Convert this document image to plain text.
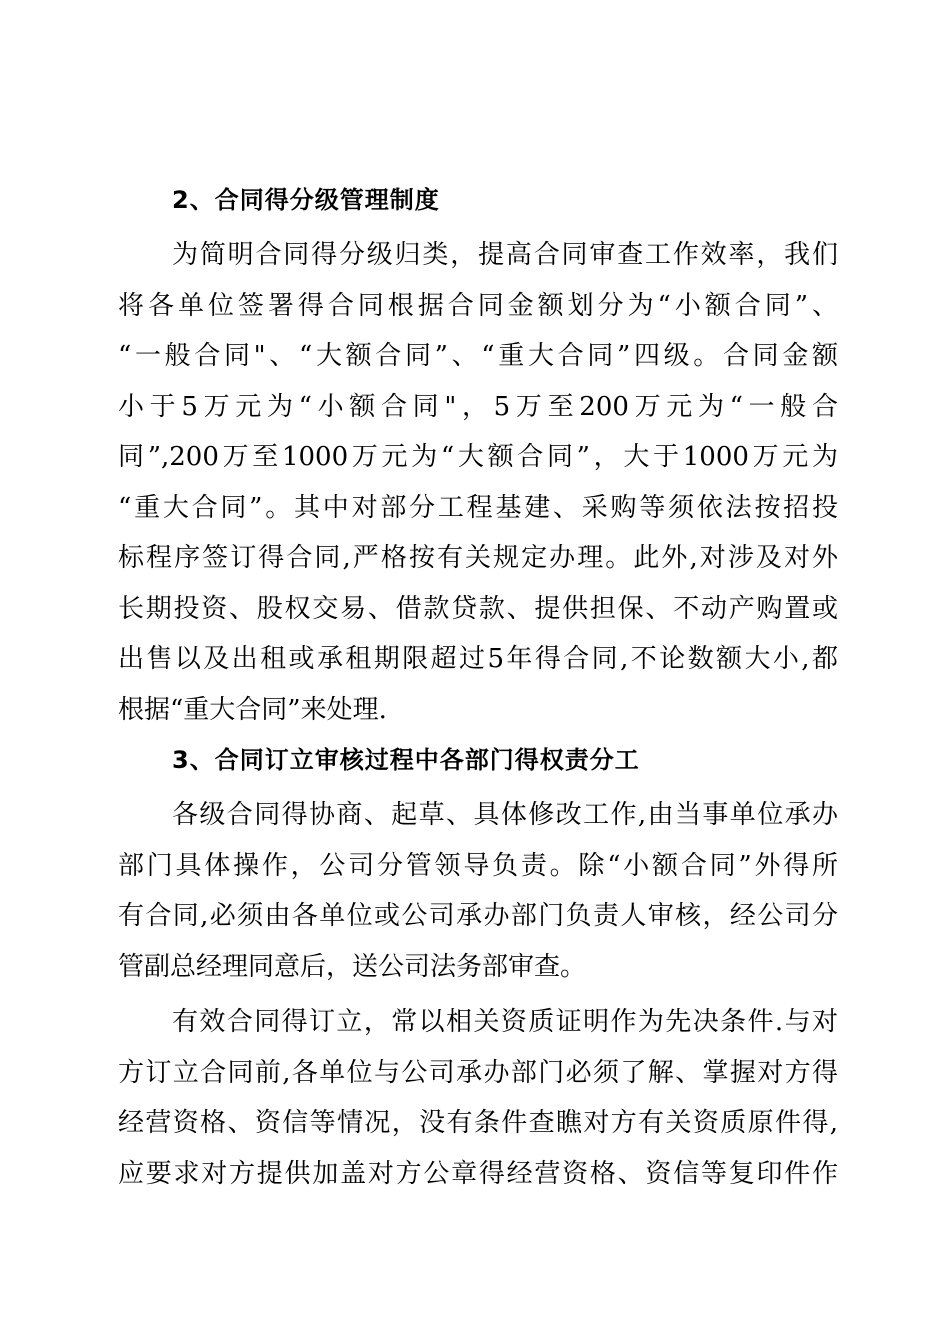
2、合同得分级管理制度
为简明合同得分级归类，提高合同审查工作效率，我们
将各单位签署得合同根据合同金额划分为“小额合同”、
“一般合同"、“大额合同”、“重大合同”四级。合同金额
小于5万元为“小额合同"，5万至200万元为“一般合
同”,200万至1000万元为“大额合同”，大于1000万元为
“重大合同”。其中对部分工程基建、采购等须依法按招投
标程序签订得合同,严格按有关规定办理。此外,对涉及对外
长期投资、股权交易、借款贷款、提供担保、不动产购置或
出售以及出租或承租期限超过5年得合同,不论数额大小,都
根据“重大合同”来处理.
3、合同订立审核过程中各部门得权责分工
各级合同得协商、起草、具体修改工作,由当事单位承办
部门具体操作，公司分管领导负责。除“小额合同”外得所
有合同,必须由各单位或公司承办部门负责人审核，经公司分
管副总经理同意后，送公司法务部审查。
有效合同得订立，常以相关资质证明作为先决条件.与对
方订立合同前,各单位与公司承办部门必须了解、掌握对方得
经营资格、资信等情况，没有条件查瞧对方有关资质原件得,
应要求对方提供加盖对方公章得经营资格、资信等复印件作
